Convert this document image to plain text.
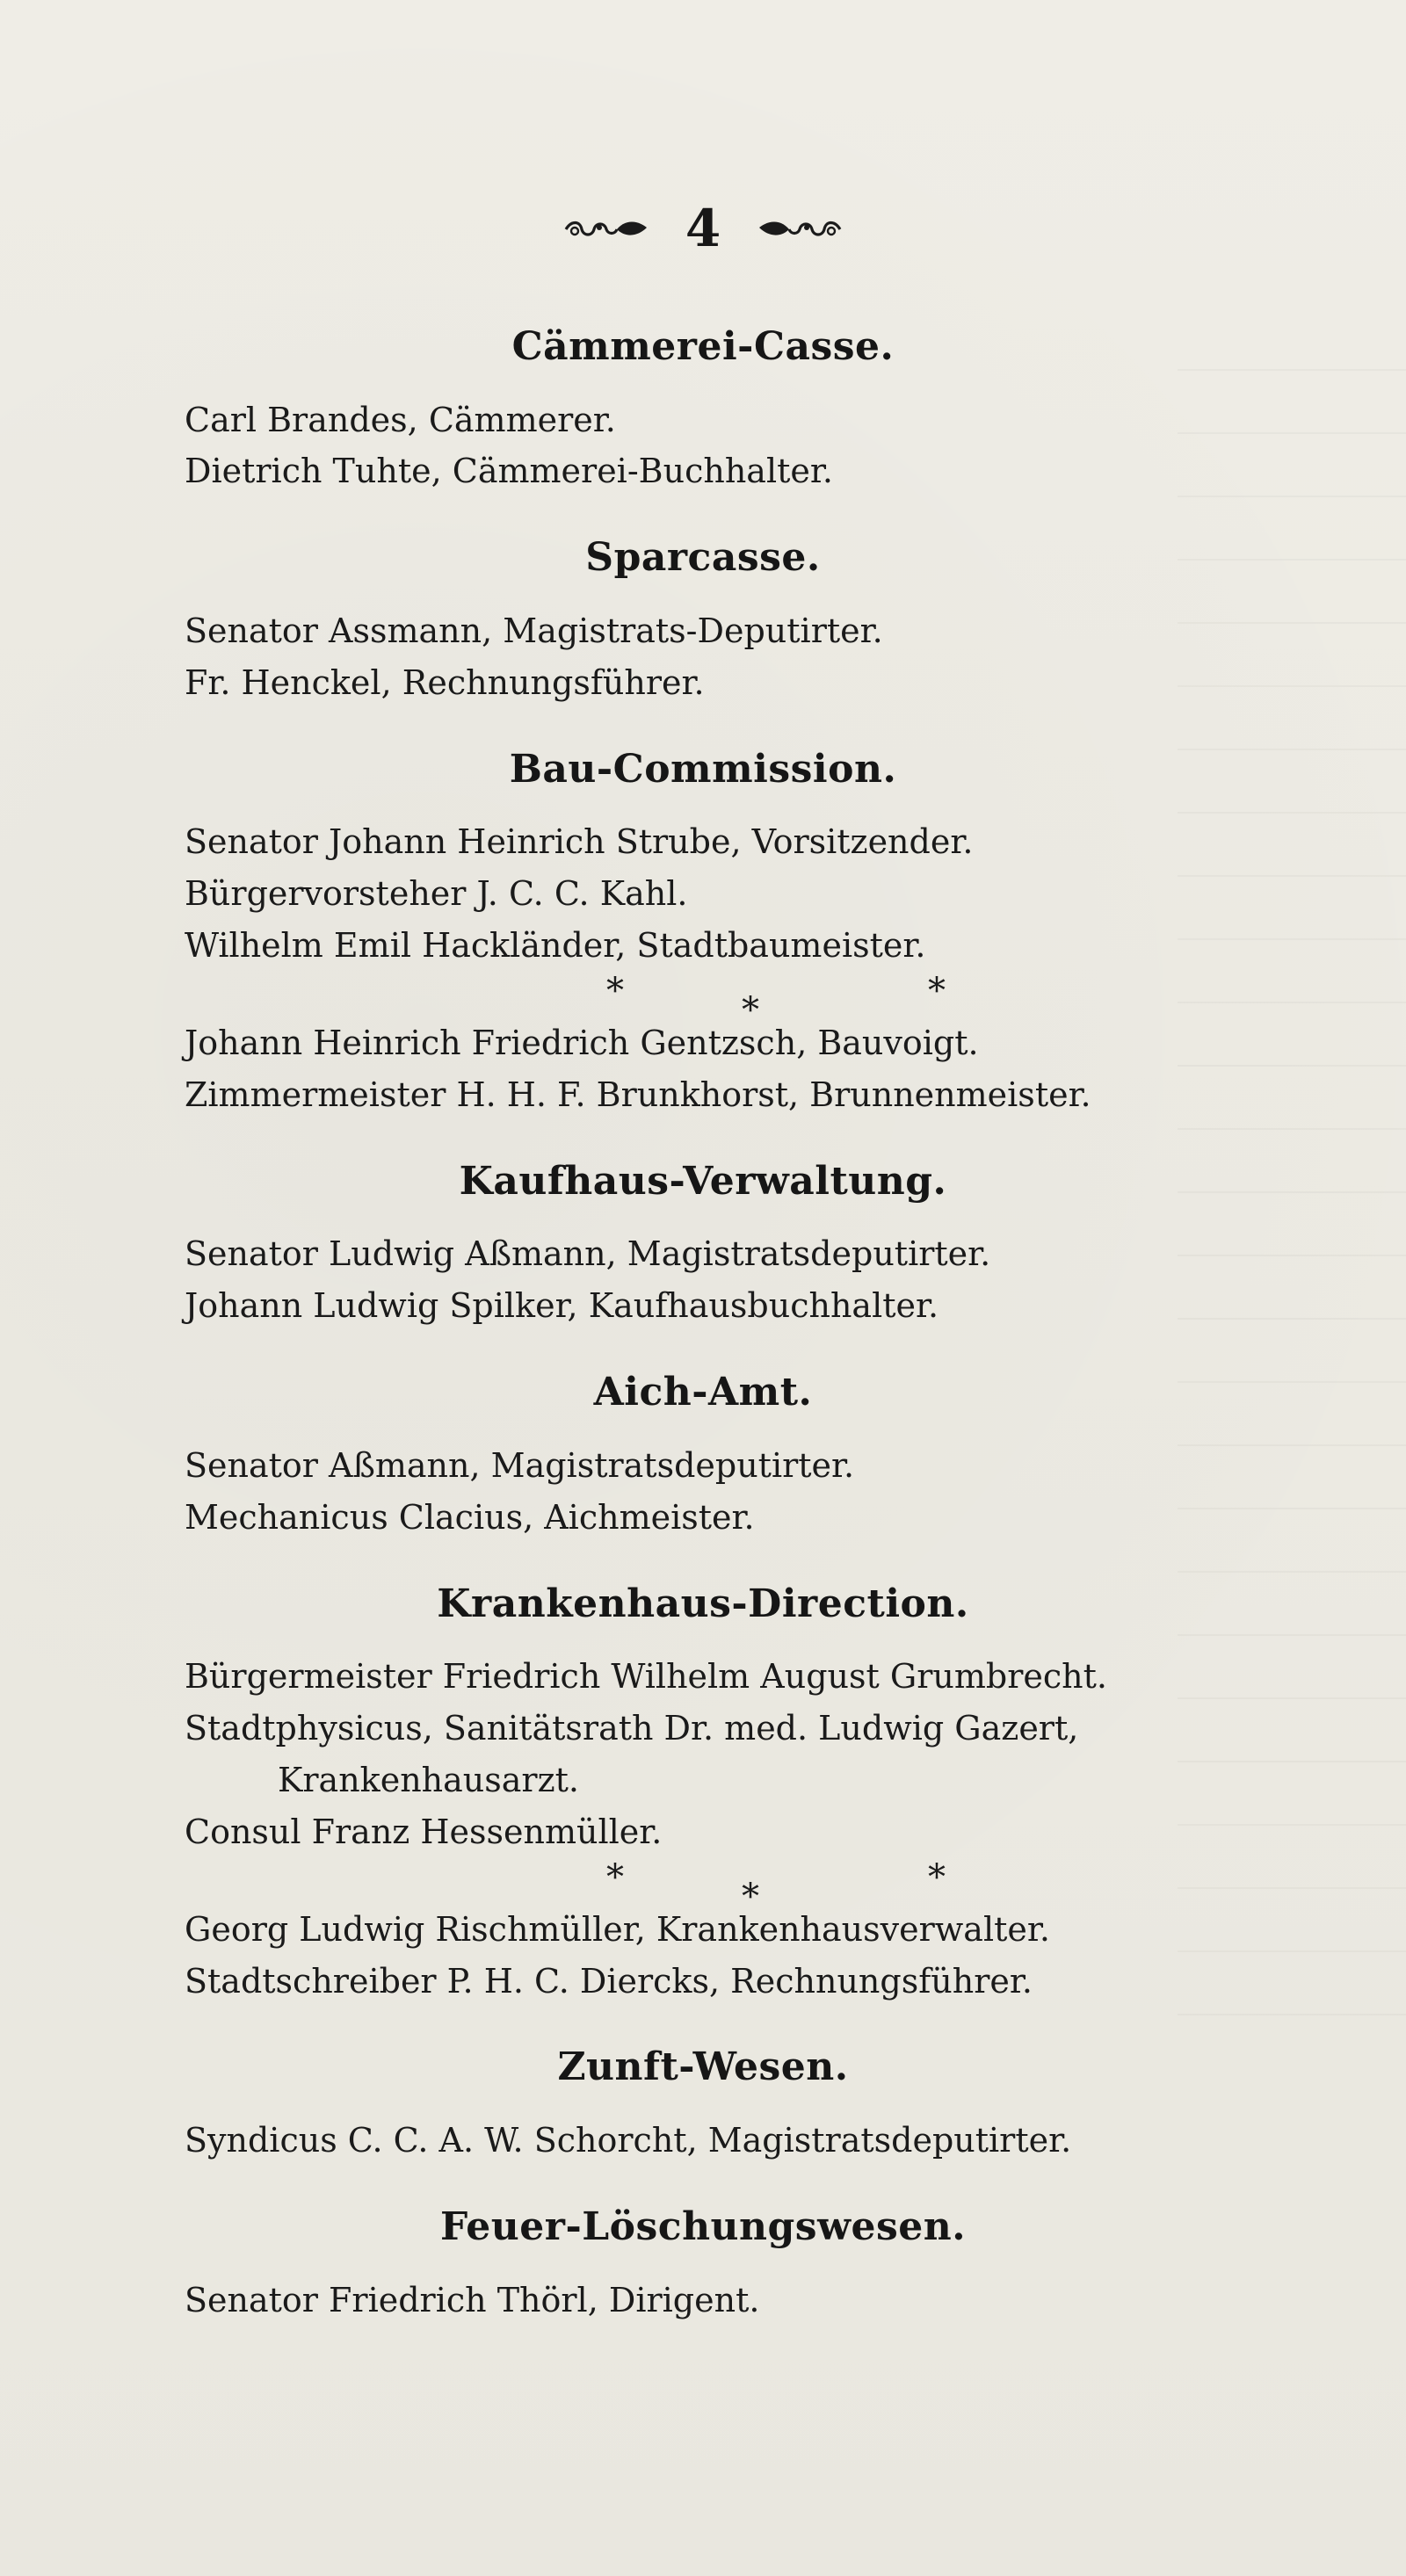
4
Cämmerei-Casse.
Carl Brandes, Cämmerer.
Dietrich Tuhte, Cämmerei-Buchhalter.
Sparcasse.
Senator Assmann, Magistrats-Deputirter.
Fr. Henckel, Rechnungsführer.
Bau-Commission.
Senator Johann Heinrich Strube, Vorsitzender.
Bürgervorsteher J. C. C. Kahl.
Wilhelm Emil Hackländer, Stadtbaumeister.
*	*	*
Johann Heinrich Friedrich Gentzsch, Bauvoigt.
Zimmermeister H. H. F. Brunkhorst, Brunnenmeister.
Kaufhaus-Verwaltung.
Senator Ludwig Aßmann, Magistratsdeputirter.
Johann Ludwig Spilker, Kaufhausbuchhalter.
Aich-Amt.
Senator Aßmann, Magistratsdeputirter.
Mechanicus Clacius, Aichmeister.
Krankenhaus-Direction.
Bürgermeister Friedrich Wilhelm August Grumbrecht.
Stadtphysicus, Sanitätsrath Dr. med. Ludwig Gazert,
Krankenhausarzt.
Consul Franz Hessenmüller.
*	*	*
Georg Ludwig Rischmüller, Krankenhausverwalter.
Stadtschreiber P. H. C. Diercks, Rechnungsführer.
Zunft-Wesen.
Syndicus C. C. A. W. Schorcht, Magistratsdeputirter.
Feuer-Löschungswesen.
Senator Friedrich Thörl, Dirigent.
